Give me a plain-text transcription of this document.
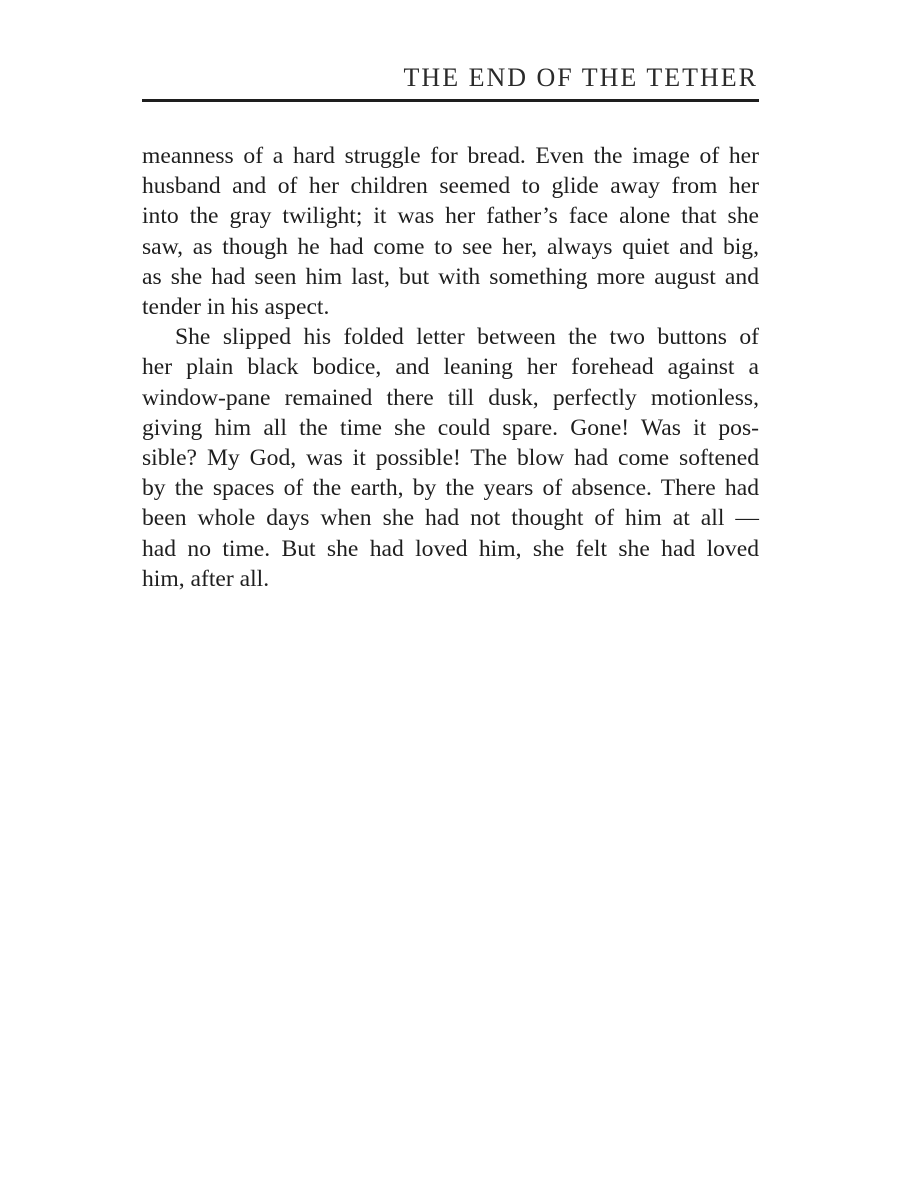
THE END OF THE TETHER
meanness of a hard struggle for bread. Even the image of her
husband and of her children seemed to glide away from her
into the gray twilight; it was her father’s face alone that she
saw, as though he had come to see her, always quiet and big,
as she had seen him last, but with something more august and
tender in his aspect.
She slipped his folded letter between the two buttons of
her plain black bodice, and leaning her forehead against a
window-pane remained there till dusk, perfectly motionless,
giving him all the time she could spare. Gone! Was it pos-
sible? My God, was it possible! The blow had come softened
by the spaces of the earth, by the years of absence. There had
been whole days when she had not thought of him at all —
had no time. But she had loved him, she felt she had loved
him, after all.
